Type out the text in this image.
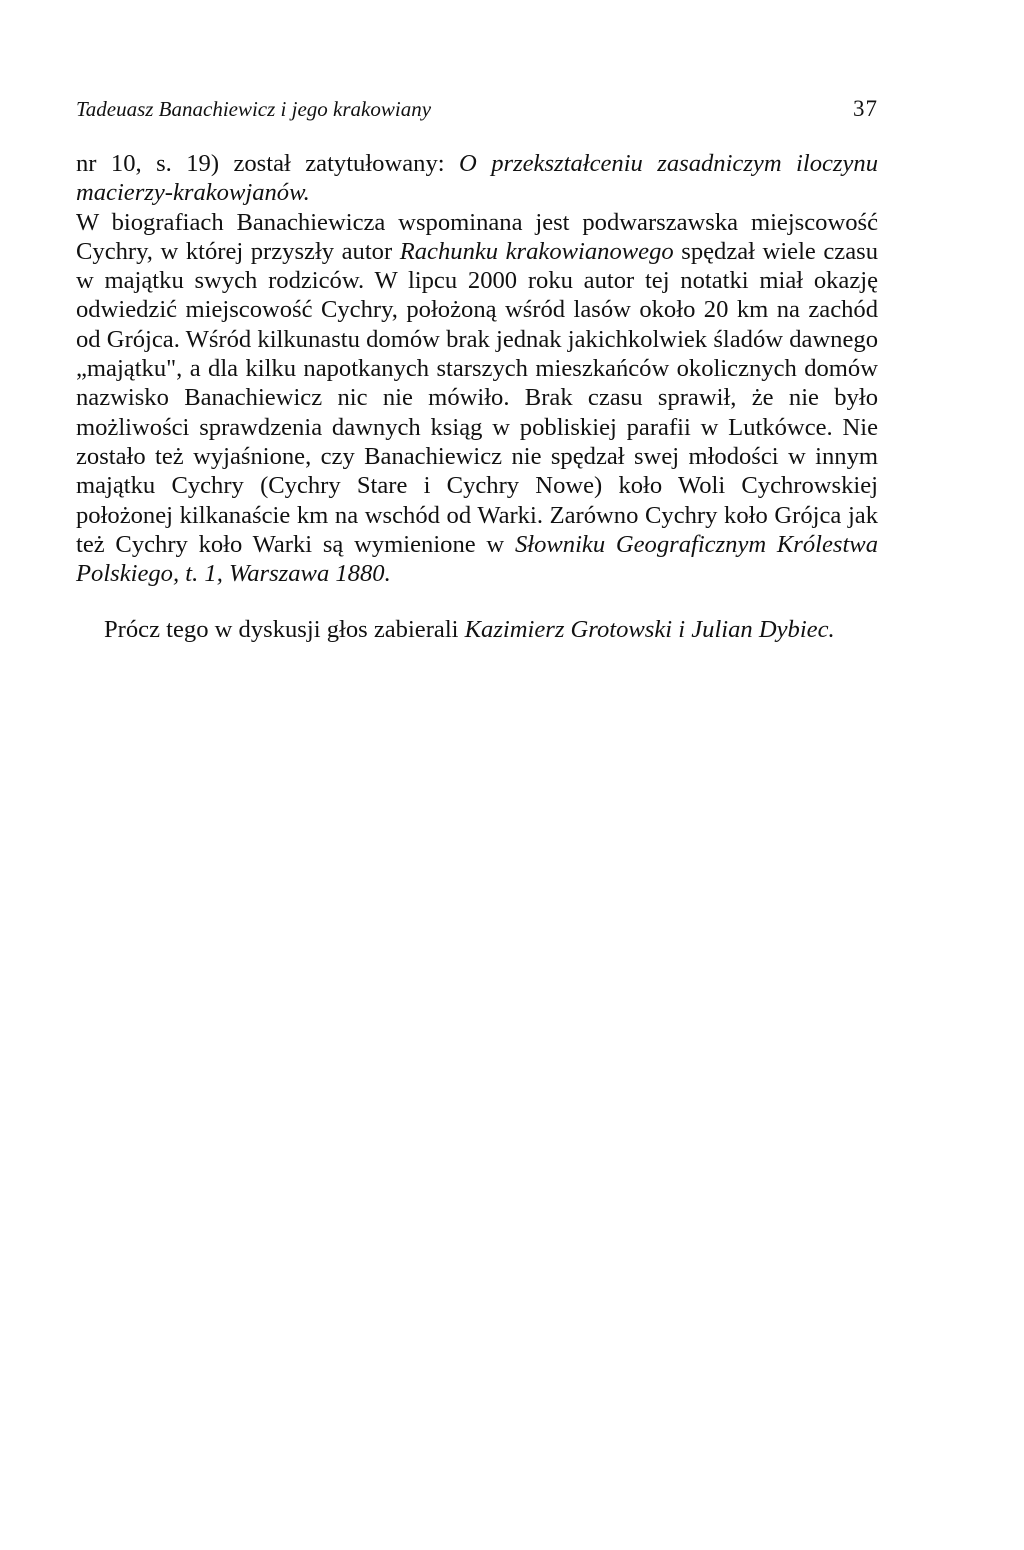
Tadeuasz Banachiewicz i jego krakowiany	37

nr 10, s. 19) został zatytułowany: O przekształceniu zasadniczym iloczynu macierzy-krakowjanów.

W biografiach Banachiewicza wspominana jest podwarszawska miejscowość Cychry, w której przyszły autor Rachunku krakowianowego spędzał wiele czasu w majątku swych rodziców. W lipcu 2000 roku autor tej notatki miał okazję odwiedzić miejscowość Cychry, położoną wśród lasów około 20 km na zachód od Grójca. Wśród kilkunastu domów brak jednak jakichkolwiek śladów dawnego „majątku", a dla kilku napotkanych starszych mieszkańców okolicznych domów nazwisko Banachiewicz nic nie mówiło. Brak czasu sprawił, że nie było możliwości sprawdzenia dawnych ksiąg w pobliskiej parafii w Lutkówce. Nie zostało też wyjaśnione, czy Banachiewicz nie spędzał swej młodości w innym majątku Cychry (Cychry Stare i Cychry Nowe) koło Woli Cychrowskiej położonej kilkanaście km na wschód od Warki. Zarówno Cychry koło Grójca jak też Cychry koło Warki są wymienione w Słowniku Geograficznym Królestwa Polskiego, t. 1, Warszawa 1880.

Prócz tego w dyskusji głos zabierali Kazimierz Grotowski i Julian Dybiec.
